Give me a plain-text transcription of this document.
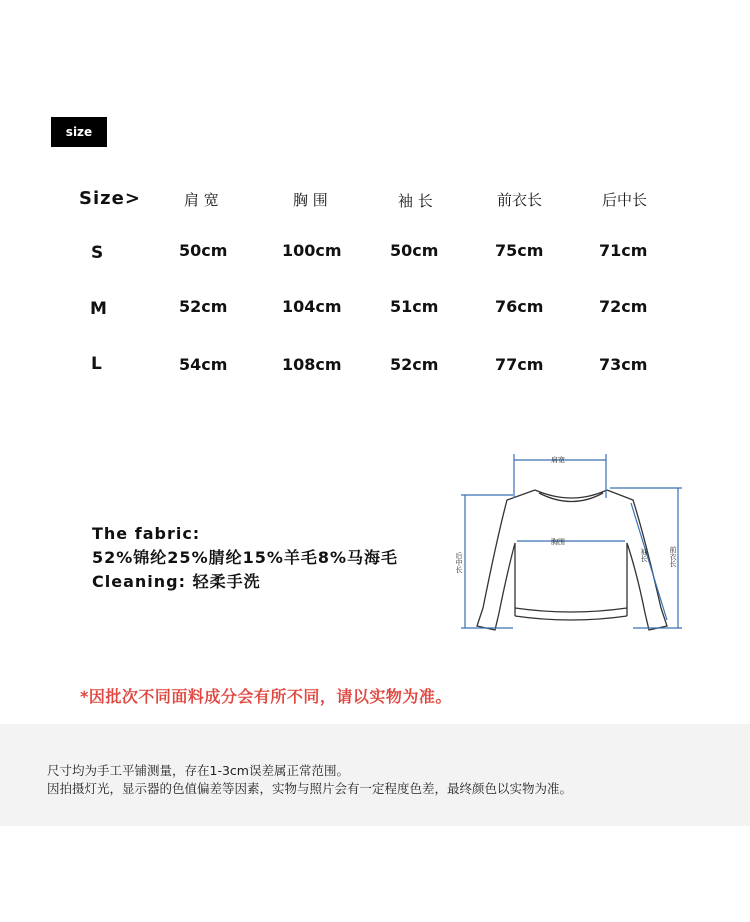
size
Size>	肩 宽	胸 围	袖 长	前衣长	后中长
S	50cm	100cm	50cm	75cm	71cm
M	52cm	104cm	51cm	76cm	72cm
L	54cm	108cm	52cm	77cm	73cm
The fabric:
52%锦纶25%腈纶15%羊毛8%马海毛
Cleaning: 轻柔手洗
肩宽
胸围
后中长	袖长	前衣长
*因批次不同面料成分会有所不同，请以实物为准。
尺寸均为手工平铺测量，存在1-3cm误差属正常范围。
因拍摄灯光，显示器的色值偏差等因素，实物与照片会有一定程度色差，最终颜色以实物为准。
